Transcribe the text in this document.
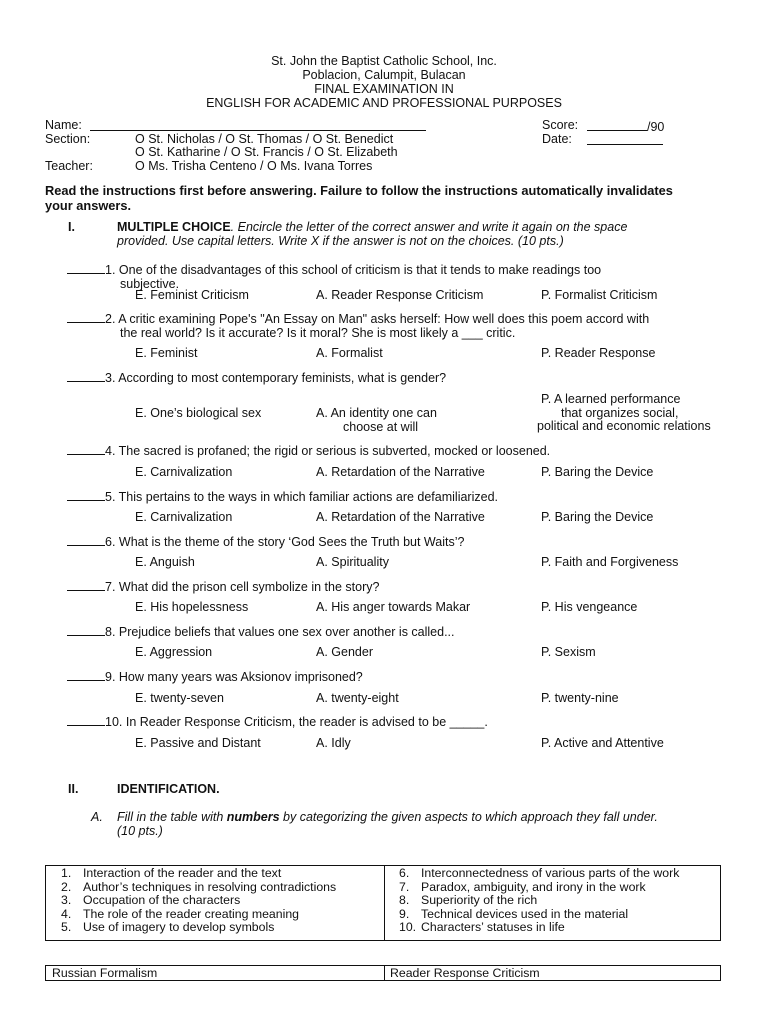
St. John the Baptist Catholic School, Inc.
Poblacion, Calumpit, Bulacan
FINAL EXAMINATION IN
ENGLISH FOR ACADEMIC AND PROFESSIONAL PURPOSES
Name:	Score:	/90
Section:	O St. Nicholas / O St. Thomas / O St. Benedict	Date:
O St. Katharine / O St. Francis / O St. Elizabeth
Teacher:	O Ms. Trisha Centeno / O Ms. Ivana Torres
Read the instructions first before answering. Failure to follow the instructions automatically invalidates
your answers.
I.	MULTIPLE CHOICE. Encircle the letter of the correct answer and write it again on the space
provided. Use capital letters. Write X if the answer is not on the choices. (10 pts.)
1. One of the disadvantages of this school of criticism is that it tends to make readings too
subjective.
E. Feminist Criticism	A. Reader Response Criticism	P. Formalist Criticism
2. A critic examining Pope's "An Essay on Man" asks herself: How well does this poem accord with
the real world? Is it accurate? Is it moral? She is most likely a ___ critic.
E. Feminist	A. Formalist	P. Reader Response
3. According to most contemporary feminists, what is gender?
E. One’s biological sex	A. An identity one can
choose at will
P. A learned performance
that organizes social,
political and economic relations
4. The sacred is profaned; the rigid or serious is subverted, mocked or loosened.
E. Carnivalization	A. Retardation of the Narrative	P. Baring the Device
5. This pertains to the ways in which familiar actions are defamiliarized.
E. Carnivalization	A. Retardation of the Narrative	P. Baring the Device
6. What is the theme of the story ‘God Sees the Truth but Waits’?
E. Anguish	A. Spirituality	P. Faith and Forgiveness
7. What did the prison cell symbolize in the story?
E. His hopelessness	A. His anger towards Makar	P. His vengeance
8. Prejudice beliefs that values one sex over another is called...
E. Aggression	A. Gender	P. Sexism
9. How many years was Aksionov imprisoned?
E. twenty-seven	A. twenty-eight	P. twenty-nine
10. In Reader Response Criticism, the reader is advised to be _____.
E. Passive and Distant	A. Idly	P. Active and Attentive
II.	IDENTIFICATION.
A. Fill in the table with numbers by categorizing the given aspects to which approach they fall under.
(10 pts.)
1. Interaction of the reader and the text
2. Author’s techniques in resolving contradictions
3. Occupation of the characters
4. The role of the reader creating meaning
5. Use of imagery to develop symbols
6. Interconnectedness of various parts of the work
7. Paradox, ambiguity, and irony in the work
8. Superiority of the rich
9. Technical devices used in the material
10. Characters’ statuses in life
Russian Formalism	Reader Response Criticism
